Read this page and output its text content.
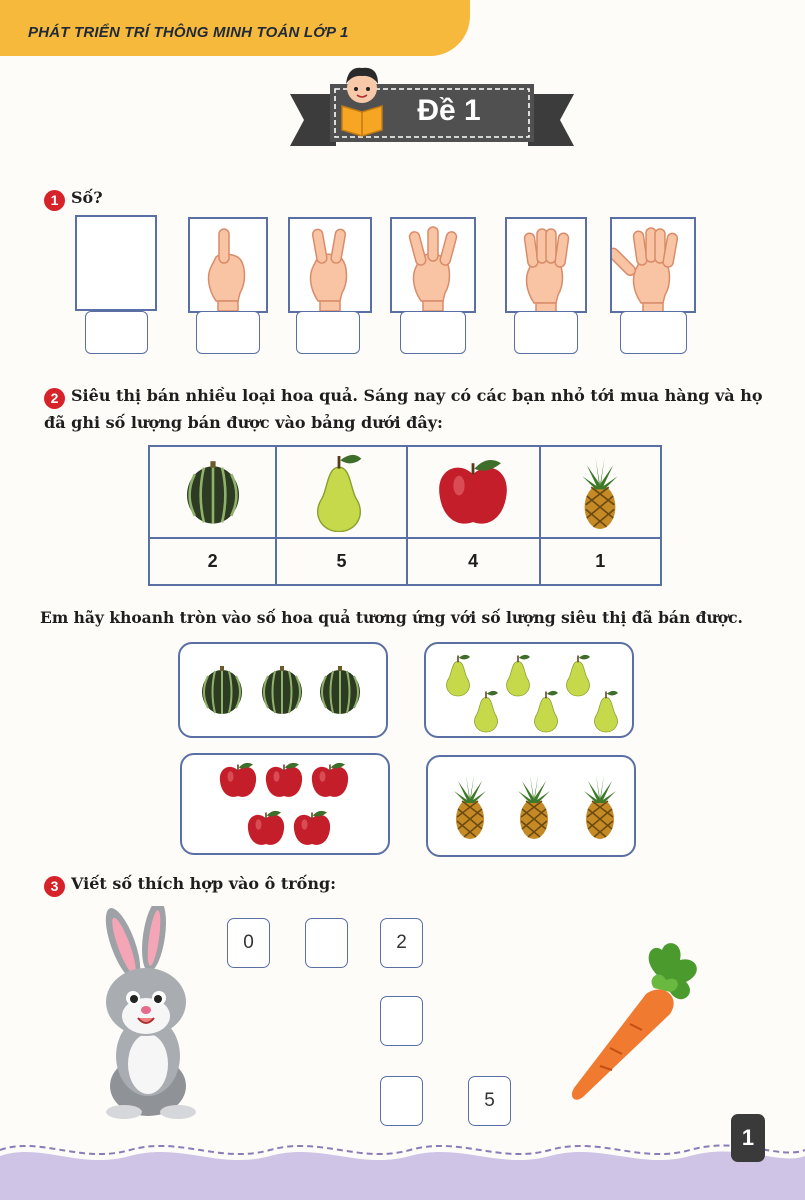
PHÁT TRIỂN TRÍ THÔNG MINH TOÁN LỚP 1
Đề 1
1 Số?
2 Siêu thị bán nhiều loại hoa quả. Sáng nay có các bạn nhỏ tới mua hàng và họ
đã ghi số lượng bán được vào bảng dưới đây:

2	5	4	1
Em hãy khoanh tròn vào số hoa quả tương ứng với số lượng siêu thị đã bán được.
3 Viết số thích hợp vào ô trống:
0	2
5
1
